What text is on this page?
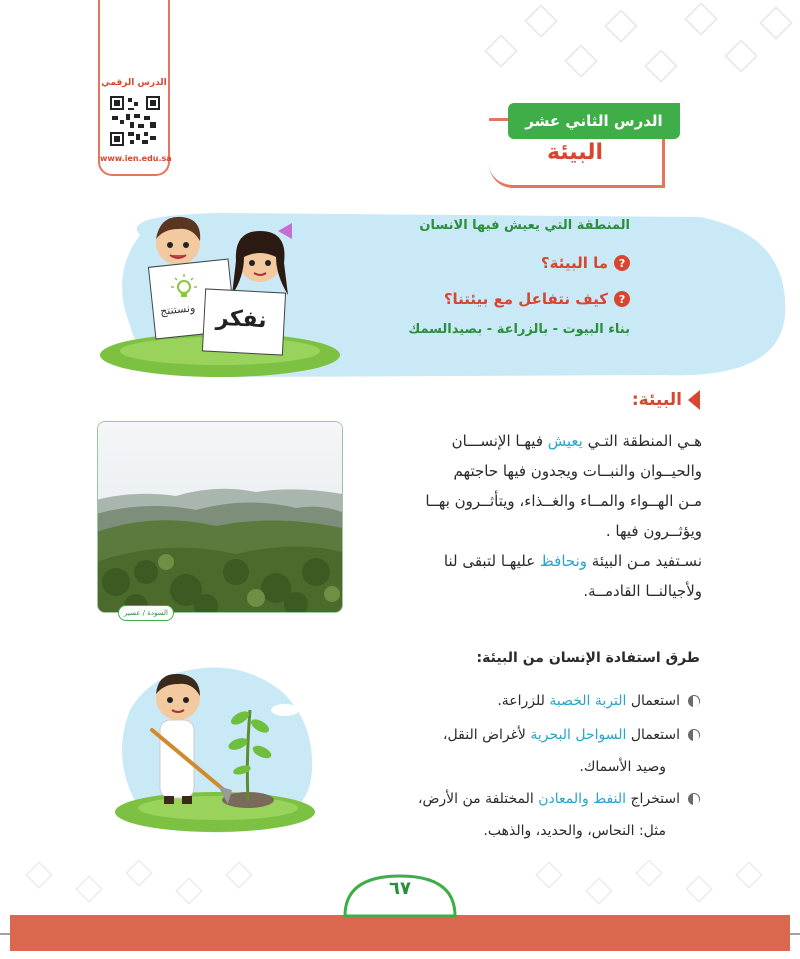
الدرس الرقمي
www.ien.edu.sa
الدرس الثاني عشر
البيئة
ونستنتج نفكر
المنطقة التي يعيش فيها الانسان
?
ما البيئة؟
?
كيف نتفاعل مع بيئتنا؟
بناء البيوت - بالزراعة - بصيدالسمك
البيئة:
السودة / عسير

هـي المنطقة التـي يعيش فيهـا الإنســـان

والحيــوان والنبــات ويجدون فيها حاجتهم

مـن الهــواء والمــاء والغــذاء، ويتأثــرون بهــا

ويؤثــرون فيها .

نسـتفيد مـن البيئة ونحافظ عليهـا لتبقى لنا

ولأجيالنــا القادمــة.

طرق استفادة الإنسان من البيئة:
استعمال التربة الخصبة للزراعة.
استعمال السواحل البحرية لأغراض النقل،
وصيد الأسماك.
استخراج النفط والمعادن المختلفة من الأرض،
مثل: النحاس، والحديد، والذهب.
٦٧
